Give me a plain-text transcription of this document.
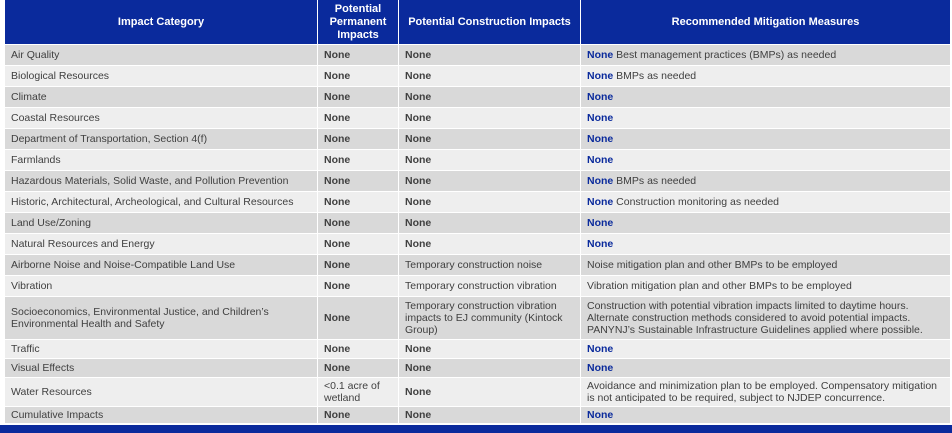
Impact Category	Potential Permanent Impacts	Potential Construction Impacts	Recommended Mitigation Measures
Air Quality	None	None	None Best management practices (BMPs) as needed
Biological Resources	None	None	None BMPs as needed
Climate	None	None	None
Coastal Resources	None	None	None
Department of Transportation, Section 4(f)	None	None	None
Farmlands	None	None	None
Hazardous Materials, Solid Waste, and Pollution Prevention	None	None	None BMPs as needed
Historic, Architectural, Archeological, and Cultural Resources	None	None	None Construction monitoring as needed
Land Use/Zoning	None	None	None
Natural Resources and Energy	None	None	None
Airborne Noise and Noise-Compatible Land Use	None	Temporary construction noise	Noise mitigation plan and other BMPs to be employed
Vibration	None	Temporary construction vibration	Vibration mitigation plan and other BMPs to be employed
Socioeconomics, Environmental Justice, and Children’s Environmental Health and Safety	None	Temporary construction vibration impacts to EJ community (Kintock Group)	Construction with potential vibration impacts limited to daytime hours. Alternate construction methods considered to avoid potential impacts. PANYNJ’s Sustainable Infrastructure Guidelines applied where possible.
Traffic	None	None	None
Visual Effects	None	None	None
Water Resources	<0.1 acre of wetland	None	Avoidance and minimization plan to be employed. Compensatory mitigation is not anticipated to be required, subject to NJDEP concurrence.
Cumulative Impacts	None	None	None
